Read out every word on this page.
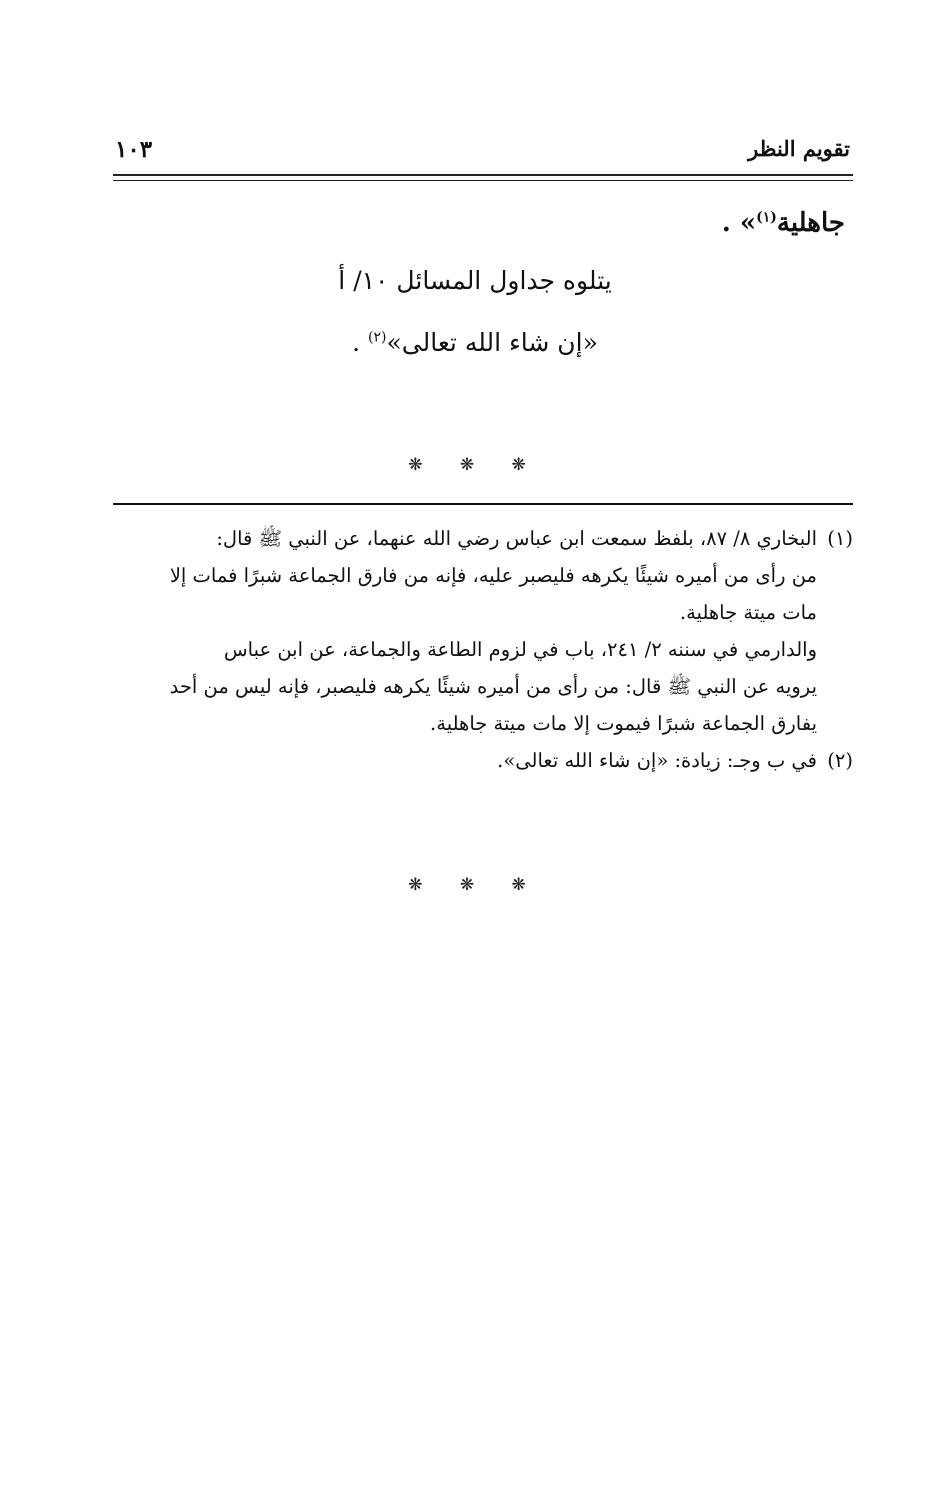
تقويم النظر
١٠٣
جاهلية$^{(١)}$» .
يتلوه جداول المسائل ١٠/ أ
«إن شاء الله تعالى»$^{(٢)}$ .
❋ ❋ ❋
(١)البخاري ٨/ ٨٧، بلفظ سمعت ابن عباس رضي الله عنهما، عن النبي ﷺ قال:
من رأى من أميره شيئًا يكرهه فليصبر عليه، فإنه من فارق الجماعة شبرًا فمات إلا
مات ميتة جاهلية.
والدارمي في سننه ٢/ ٢٤١، باب في لزوم الطاعة والجماعة، عن ابن عباس
يرويه عن النبي ﷺ قال: من رأى من أميره شيئًا يكرهه فليصبر، فإنه ليس من أحد
يفارق الجماعة شبرًا فيموت إلا مات ميتة جاهلية.
(٢)في ب وجـ: زيادة: «إن شاء الله تعالى».
❋ ❋ ❋
